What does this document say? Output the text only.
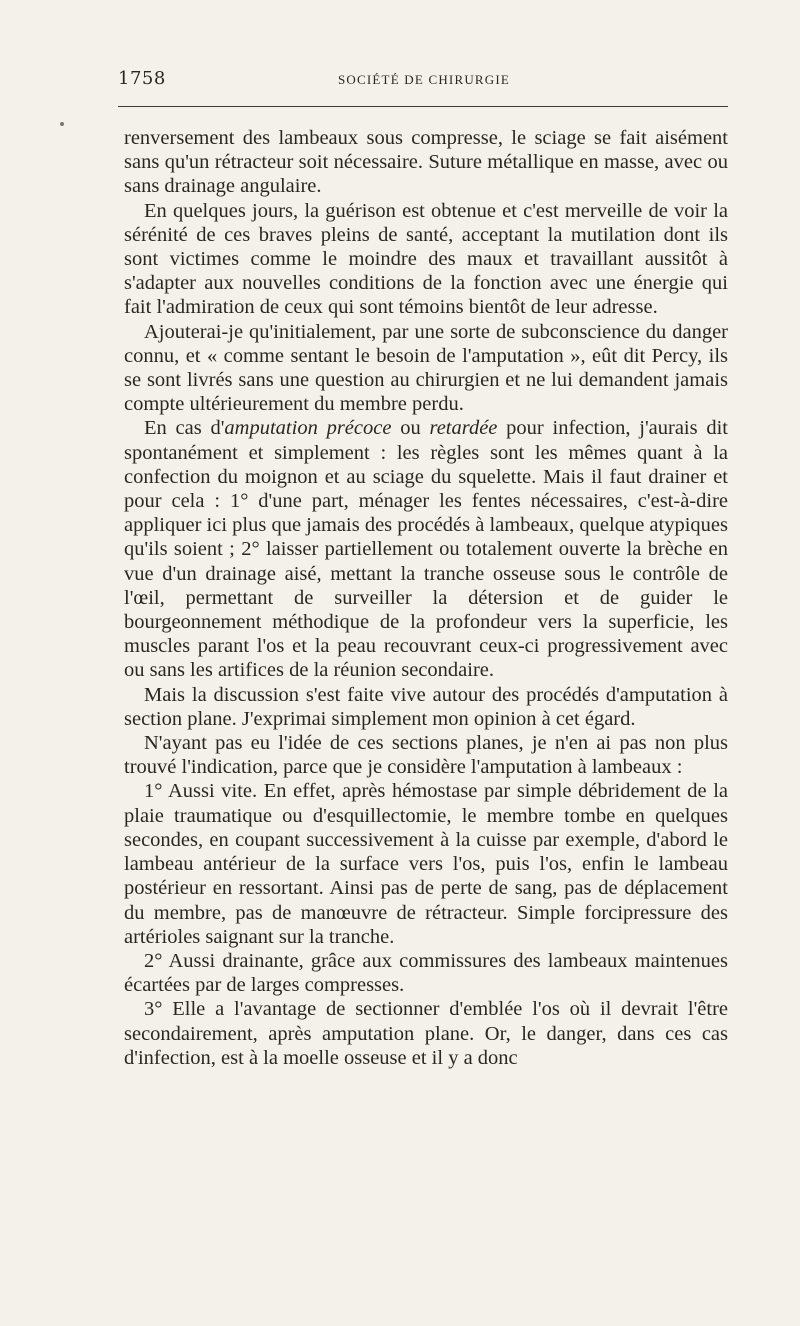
1758	SOCIÉTÉ DE CHIRURGIE

renversement des lambeaux sous compresse, le sciage se fait aisément sans qu'un rétracteur soit nécessaire. Suture métallique en masse, avec ou sans drainage angulaire.

En quelques jours, la guérison est obtenue et c'est merveille de voir la sérénité de ces braves pleins de santé, acceptant la mutilation dont ils sont victimes comme le moindre des maux et travaillant aussitôt à s'adapter aux nouvelles conditions de la fonction avec une énergie qui fait l'admiration de ceux qui sont témoins bientôt de leur adresse.

Ajouterai-je qu'initialement, par une sorte de subconscience du danger connu, et « comme sentant le besoin de l'amputation », eût dit Percy, ils se sont livrés sans une question au chirurgien et ne lui demandent jamais compte ultérieurement du membre perdu.

En cas d'amputation précoce ou retardée pour infection, j'aurais dit spontanément et simplement : les règles sont les mêmes quant à la confection du moignon et au sciage du squelette. Mais il faut drainer et pour cela : 1° d'une part, ménager les fentes nécessaires, c'est-à-dire appliquer ici plus que jamais des procédés à lambeaux, quelque atypiques qu'ils soient ; 2° laisser partiellement ou totalement ouverte la brèche en vue d'un drainage aisé, mettant la tranche osseuse sous le contrôle de l'œil, permettant de surveiller la détersion et de guider le bourgeonnement méthodique de la profondeur vers la superficie, les muscles parant l'os et la peau recouvrant ceux-ci progressivement avec ou sans les artifices de la réunion secondaire.

Mais la discussion s'est faite vive autour des procédés d'amputation à section plane. J'exprimai simplement mon opinion à cet égard.

N'ayant pas eu l'idée de ces sections planes, je n'en ai pas non plus trouvé l'indication, parce que je considère l'amputation à lambeaux :

1° Aussi vite. En effet, après hémostase par simple débridement de la plaie traumatique ou d'esquillectomie, le membre tombe en quelques secondes, en coupant successivement à la cuisse par exemple, d'abord le lambeau antérieur de la surface vers l'os, puis l'os, enfin le lambeau postérieur en ressortant. Ainsi pas de perte de sang, pas de déplacement du membre, pas de manœuvre de rétracteur. Simple forcipressure des artérioles saignant sur la tranche.

2° Aussi drainante, grâce aux commissures des lambeaux maintenues écartées par de larges compresses.

3° Elle a l'avantage de sectionner d'emblée l'os où il devrait l'être secondairement, après amputation plane. Or, le danger, dans ces cas d'infection, est à la moelle osseuse et il y a donc
